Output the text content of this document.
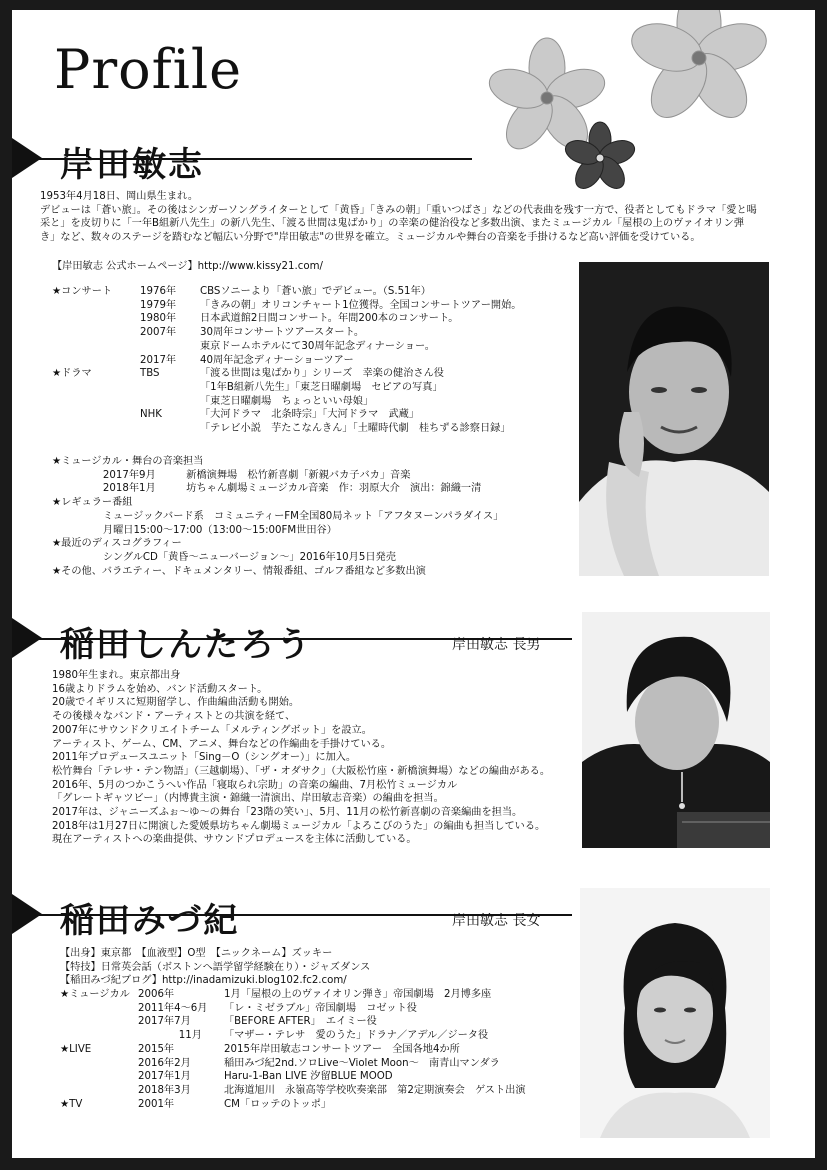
Profile
岸田敏志
1953年4月18日、岡山県生まれ。
デビューは「蒼い旅」。その後はシンガーソングライターとして「黄昏」「きみの朝」「重いつばさ」などの代表曲を残す一方で、役者としてもドラマ「愛と喝
采と」を皮切りに「一年B組新八先生」の新八先生、「渡る世間は鬼ばかり」の幸楽の健治役など多数出演、またミュージカル「屋根の上のヴァイオリン弾
き」など、数々のステージを踏むなど幅広い分野で"岸田敏志"の世界を確立。ミュージカルや舞台の音楽を手掛けるなど高い評価を受けている。
【岸田敏志 公式ホームページ】http://www.kissy21.com/
★コンサート	1976年 CBSソニーより「蒼い旅」でデビュー。（S.51年）
1979年 「きみの朝」オリコンチャート1位獲得。全国コンサートツアー開始。
1980年 日本武道館2日間コンサート。年間200本のコンサート。
2007年 30周年コンサートツアースタート。
東京ドームホテルにて30周年記念ディナーショー。
2017年 40周年記念ディナーショーツアー
★ドラマ	TBS	「渡る世間は鬼ばかり」シリーズ　幸楽の健治さん役
「1年B組新八先生」「東芝日曜劇場　セピアの写真」
「東芝日曜劇場　ちょっといい母娘」
NHK	「大河ドラマ　北条時宗」「大河ドラマ　武蔵」
「テレビ小説　芋たこなんきん」「土曜時代劇　桂ちずる診察日録」
★ミュージカル・舞台の音楽担当
　　　　　2017年9月　　　新橋演舞場　松竹新喜劇「新親バカ子バカ」音楽
　　　　　2018年1月　　　坊ちゃん劇場ミュージカル音楽　作：羽原大介　演出：錦織一清
★レギュラー番組
　　　　　ミュージックバード系　コミュニティーFM全国80局ネット「アフタヌーンパラダイス」
　　　　　月曜日15:00～17:00（13:00～15:00FM世田谷）
★最近のディスコグラフィー
　　　　　シングルCD「黄昏～ニューバージョン～」2016年10月5日発売
★その他、バラエティー、ドキュメンタリー、情報番組、ゴルフ番組など多数出演
稲田しんたろう	岸田敏志 長男
1980年生まれ。東京都出身
16歳よりドラムを始め、バンド活動スタート。
20歳でイギリスに短期留学し、作曲編曲活動も開始。
その後様々なバンド・アーティストとの共演を経て、
2007年にサウンドクリエイトチーム「メルティングボット」を設立。
アーティスト、ゲーム、CM、アニメ、舞台などの作編曲を手掛けている。
2011年プロデュースユニット「Sing－O（シングオー）」に加入。
松竹舞台「テレサ・テン物語」（三越劇場）、「ザ・オダサク」（大阪松竹座・新橋演舞場）などの編曲がある。
2016年、5月のつかこうへい作品「寝取られ宗助」の音楽の編曲、7月松竹ミュージカル
「グレートギャツビー」（内博貴主演・錦織一清演出、岸田敏志音楽）の編曲を担当。
2017年は、ジャニーズふぉ～ゆ～の舞台「23階の笑い」、5月、11月の松竹新喜劇の音楽編曲を担当。
2018年は1月27日に開演した愛媛県坊ちゃん劇場ミュージカル「よろこびのうた」の編曲も担当している。
現在アーティストへの楽曲提供、サウンドプロデュースを主体に活動している。
稲田みづ紀	岸田敏志 長女
【出身】東京都　【血液型】O型　【ニックネーム】ズッキー
【特技】日常英会話（ボストンへ語学留学経験在り）・ジャズダンス
【稲田みづ紀ブログ】http://inadamizuki.blog102.fc2.com/
★ミュージカル 2006年	1月「屋根の上のヴァイオリン弾き」帝国劇場　2月博多座
2011年4～6月 「レ・ミゼラブル」帝国劇場　コゼット役
2017年7月	「BEFORE AFTER」　エイミー役
　　　　11月 「マザー・テレサ　愛のうた」ドラナ／アデル／ジータ役
★LIVE	2015年	2015年岸田敏志コンサートツアー　全国各地4か所
2016年2月	稲田みづ紀2nd.ソロLive～Violet Moon～　南青山マンダラ
2017年1月	Haru-1-Ban LIVE 汐留BLUE MOOD
2018年3月	北海道旭川　永嶺高等学校吹奏楽部　第2定期演奏会　ゲスト出演
★TV	2001年	CM「ロッテのトッポ」
